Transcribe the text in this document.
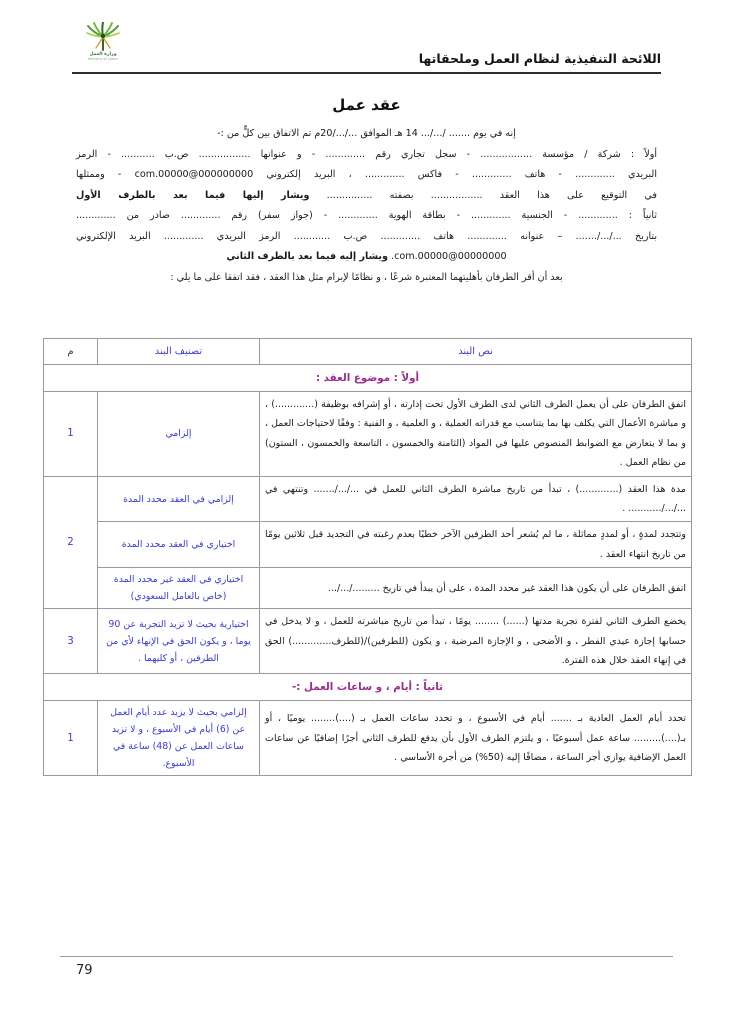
اللائحة التنفيذية لنظام العمل وملحقاتها
وزارة العمل
Ministry of Labor
عقد عمل
إنه في يوم ....... /.../... 14 هـ الموافق .../.../20م تم الاتفاق بين كلٍّ من :-
أولاً : شركة / مؤسسة ................. - سجل تجاري رقم ............. - و عنوانها ................. ص.ب ........... - الرمز
البريدي ............. - هاتف ............. - فاكس ............. ، البريد إلكتروني 000000000@00000.com - وممثلها
في التوقيع على هذا العقد ................. بصفته ............... ويشار إليها فيما بعد بالطرف الأول
ثانياً : ............. - الجنسية ............. - بطاقة الهوية ............. - (جواز سفر) رقم ............. صادر من .............
بتاريخ .../.../....... – عنوانه ............. هاتف ............. ص.ب ............ الرمز البريدي ............. البريد الإلكتروني
00000000@00000.com. ويشار إليه فيما بعد بالطرف الثاني
بعد أن أقر الطرفان بأهليتهما المعتبرة شرعًا ، و نظامًا لإبرام مثل هذا العقد ، فقد اتفقا على ما يلي :
نص البند	تصنيف البند	م
أولاً : موضوع العقد :		
اتفق الطرفان على أن يعمل الطرف الثاني لدى الطرف الأول تحت إدارته ، أو إشرافه بوظيفة (.............) ، و مباشرة الأعمال التي يكلف بها بما يتناسب مع قدراته العملية ، و العلمية ، و الفنية : وفقًا لاحتياجات العمل ، و بما لا يتعارض مع الضوابط المنصوص عليها في المواد (الثامنة والخمسون ، التاسعة والخمسون ، الستون) من نظام العمل .	إلزامي	1
مدة هذا العقد (.............) ، تبدأ من تاريخ مباشرة الطرف الثاني للعمل في .../.../....... وتنتهي في .../.../........... .	إلزامي في العقد محدد المدة	2
وتتجدد لمدةٍ ، أو لمددٍ مماثلة ، ما لم يُشعر أحد الطرفين الآخر خطيًا بعدم رغبته في التجديد قبل ثلاثين يومًا من تاريخ انتهاء العقد .	اختياري في العقد محدد المدة	
اتفق الطرفان على أن يكون هذا العقد غير محدد المدة ، على أن يبدأ في تاريخ ........./.../...	اختياري في العقد غير محدد المدة (خاص بالعامل السعودي)	
يخضع الطرف الثاني لفترة تجربة مدتها (......) ........ يومًا ، تبدأ من تاريخ مباشرته للعمل ، و لا يدخل في حسابها إجازة عيدي الفطر ، و الأضحى ، و الإجازة المرضية ، و يكون (للطرفين)/(للطرف.............) الحق في إنهاء العقد خلال هذه الفترة.	اختيارية بحيث لا تزيد التجربة عن 90 يوما ، و يكون الحق في الإنهاء لأي من الطرفين ، أو كليهما .	3
ثانياً : أيام ، و ساعات العمل :-		
تحدد أيام العمل العادية بـ ....... أيام في الأسبوع ، و تحدد ساعات العمل بـ (....)........ يوميًا ، أو بـ(....)......... ساعة عمل أسبوعيًا ، و يلتزم الطرف الأول بأن يدفع للطرف الثاني أجرًا إضافيًا عن ساعات العمل الإضافية يوازي أجر الساعة ، مضافًا إليه (50%) من أجره الأساسي .	إلزامي بحيث لا يزيد عدد أيام العمل عن (6) أيام في الأسبوع ، و لا تزيد ساعات العمل عن (48) ساعة في الأسبوع.	1
79
